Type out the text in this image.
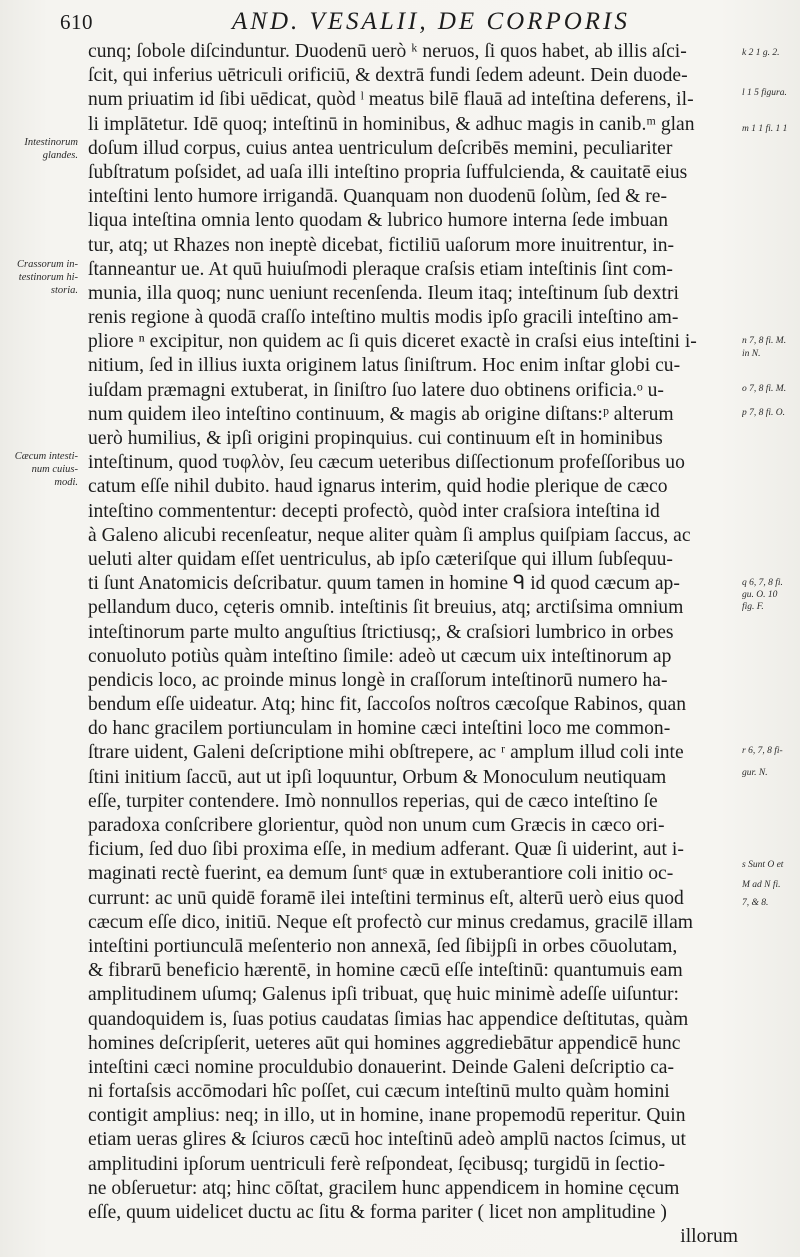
610	AND. VESALII, DE CORPORIS
Intestinorum
glandes.
Crassorum in-
testinorum hi-
storia.
Cæcum intesti-
num cuius-
modi.
k 2 1 g. 2.
l 1 5 figura.
m 1 1 fi. 1 1
n 7, 8 fi. M.
in N.
o 7, 8 fi. M.
p 7, 8 fi. O.
q 6, 7, 8 fi.
gu. O. 10
fig. F.
r 6, 7, 8 fi-
gur. N.
s Sunt O et
M ad N fi.
7, & 8.
cunq; ſobole diſcinduntur. Duodenū uerò ᵏ neruos, ſi quos habet, ab illis aſci-
ſcit, qui inferius uētriculi orificiū, & dextrā fundi ſedem adeunt. Dein duode-
num priuatim id ſibi uēdicat, quòd ˡ meatus bilē flauā ad inteſtina deferens, il-
li implātetur. Idē quoq; inteſtinū in hominibus, & adhuc magis in canib.ᵐ glan
doſum illud corpus, cuius antea uentriculum deſcribēs memini, peculiariter
ſubſtratum poſsidet, ad uaſa illi inteſtino propria ſuffulcienda, & cauitatē eius
inteſtini lento humore irrigandā. Quanquam non duodenū ſolùm, ſed & re-
liqua inteſtina omnia lento quodam & lubrico humore interna ſede imbuan
tur, atq; ut Rhazes non ineptè dicebat, fictiliū uaſorum more inuitrentur, in-
ſtanneantur ue. At quū huiuſmodi pleraque craſsis etiam inteſtinis ſint com-
munia, illa quoq; nunc ueniunt recenſenda. Ileum itaq; inteſtinum ſub dextri
renis regione à quodā craſſo inteſtino multis modis ipſo gracili inteſtino am-
pliore ⁿ excipitur, non quidem ac ſi quis diceret exactè in craſsi eius inteſtini i-
nitium, ſed in illius iuxta originem latus ſiniſtrum. Hoc enim inſtar globi cu-
iuſdam præmagni extuberat, in ſiniſtro ſuo latere duo obtinens orificia.ᵒ u-
num quidem ileo inteſtino continuum, & magis ab origine diſtans:ᵖ alterum
uerò humilius, & ipſi origini propinquius. cui continuum eſt in hominibus
inteſtinum, quod τυφλὸν, ſeu cæcum ueteribus diſſectionum profeſſoribus uo
catum eſſe nihil dubito. haud ignarus interim, quid hodie plerique de cæco
inteſtino commententur: decepti profectò, quòd inter craſsiora inteſtina id
à Galeno alicubi recenſeatur, neque aliter quàm ſi amplus quiſpiam ſaccus, ac
ueluti alter quidam eſſet uentriculus, ab ipſo cæteriſque qui illum ſubſequu-
ti ſunt Anatomicis deſcribatur. quum tamen in homine ᑫ id quod cæcum ap-
pellandum duco, cęteris omnib. inteſtinis ſit breuius, atq; arctiſsima omnium
inteſtinorum parte multo anguſtius ſtrictiusq;, & craſsiori lumbrico in orbes
conuoluto potiùs quàm inteſtino ſimile: adeò ut cæcum uix inteſtinorum ap
pendicis loco, ac proinde minus longè in craſſorum inteſtinorū numero ha-
bendum eſſe uideatur. Atq; hinc fit, ſaccoſos noſtros cæcoſque Rabinos, quan
do hanc gracilem portiunculam in homine cæci inteſtini loco me common-
ſtrare uident, Galeni deſcriptione mihi obſtrepere, ac ʳ amplum illud coli inte
ſtini initium ſaccū, aut ut ipſi loquuntur, Orbum & Monoculum neutiquam
eſſe, turpiter contendere. Imò nonnullos reperias, qui de cæco inteſtino ſe
paradoxa conſcribere glorientur, quòd non unum cum Græcis in cæco ori-
ficium, ſed duo ſibi proxima eſſe, in medium adferant. Quæ ſi uiderint, aut i-
maginati rectè fuerint, ea demum ſuntˢ quæ in extuberantiore coli initio oc-
currunt: ac unū quidē foramē ilei inteſtini terminus eſt, alterū uerò eius quod
cæcum eſſe dico, initiū. Neque eſt profectò cur minus credamus, gracilē illam
inteſtini portiunculā meſenterio non annexā, ſed ſibijpſi in orbes cōuolutam,
& fibrarū beneficio hærentē, in homine cæcū eſſe inteſtinū: quantumuis eam
amplitudinem uſumq; Galenus ipſi tribuat, quę huic minimè adeſſe uiſuntur:
quandoquidem is, ſuas potius caudatas ſimias hac appendice deſtitutas, quàm
homines deſcripſerit, ueteres aūt qui homines aggrediebātur appendicē hunc
inteſtini cæci nomine proculdubio donauerint. Deinde Galeni deſcriptio ca-
ni fortaſsis accōmodari hîc poſſet, cui cæcum inteſtinū multo quàm homini
contigit amplius: neq; in illo, ut in homine, inane propemodū reperitur. Quin
etiam ueras glires & ſciuros cæcū hoc inteſtinū adeò amplū nactos ſcimus, ut
amplitudini ipſorum uentriculi ferè reſpondeat, ſęcibusq; turgidū in ſectio-
ne obſeruetur: atq; hinc cōſtat, gracilem hunc appendicem in homine cęcum
eſſe, quum uidelicet ductu ac ſitu & forma pariter ( licet non amplitudine )
illorum
